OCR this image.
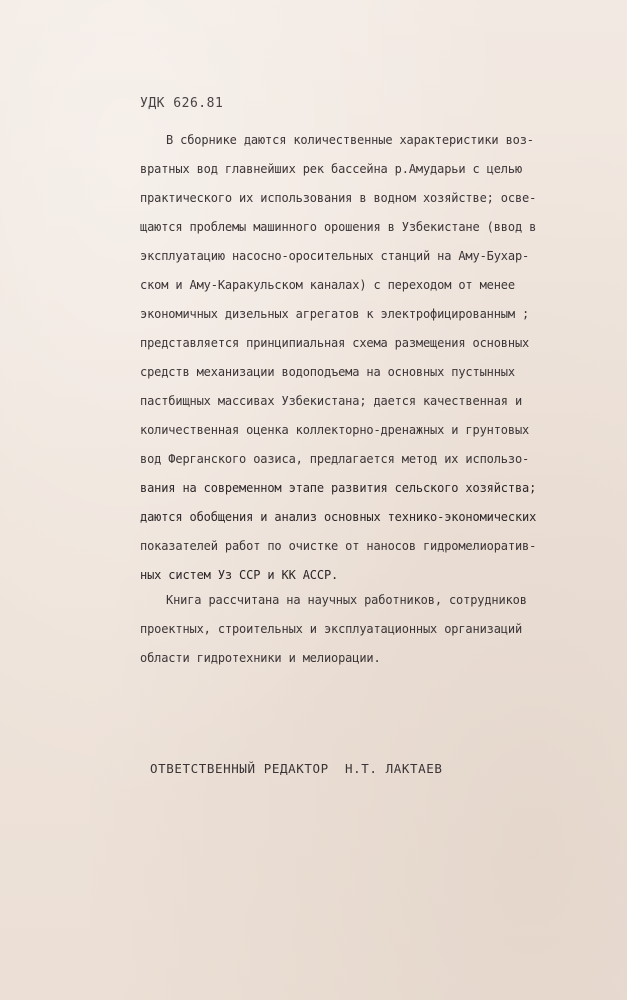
УДК 626.81
В сборнике даются количественные характеристики воз-
вратных вод главнейших рек бассейна р.Амударьи с целью
практического их использования в водном хозяйстве; осве-
щаются проблемы машинного орошения в Узбекистане (ввод в
эксплуатацию насосно-оросительных станций на Аму-Бухар-
ском и Аму-Каракульском каналах) с переходом от менее
экономичных дизельных агрегатов к электрофицированным ;
представляется принципиальная схема размещения основных
средств механизации водоподъема на основных пустынных
пастбищных массивах Узбекистана; дается качественная и
количественная оценка коллекторно-дренажных и грунтовых
вод Ферганского оазиса, предлагается метод их использо-
вания на современном этапе развития сельского хозяйства;
даются обобщения и анализ основных технико-экономических
показателей работ по очистке от наносов гидромелиоратив-
ных систем Уз ССР и КК АССР.
Книга рассчитана на научных работников, сотрудников
проектных, строительных и эксплуатационных организаций
области гидротехники и мелиорации.
ОТВЕТСТВЕННЫЙ РЕДАКТОР  Н.Т. ЛАКТАЕВ
